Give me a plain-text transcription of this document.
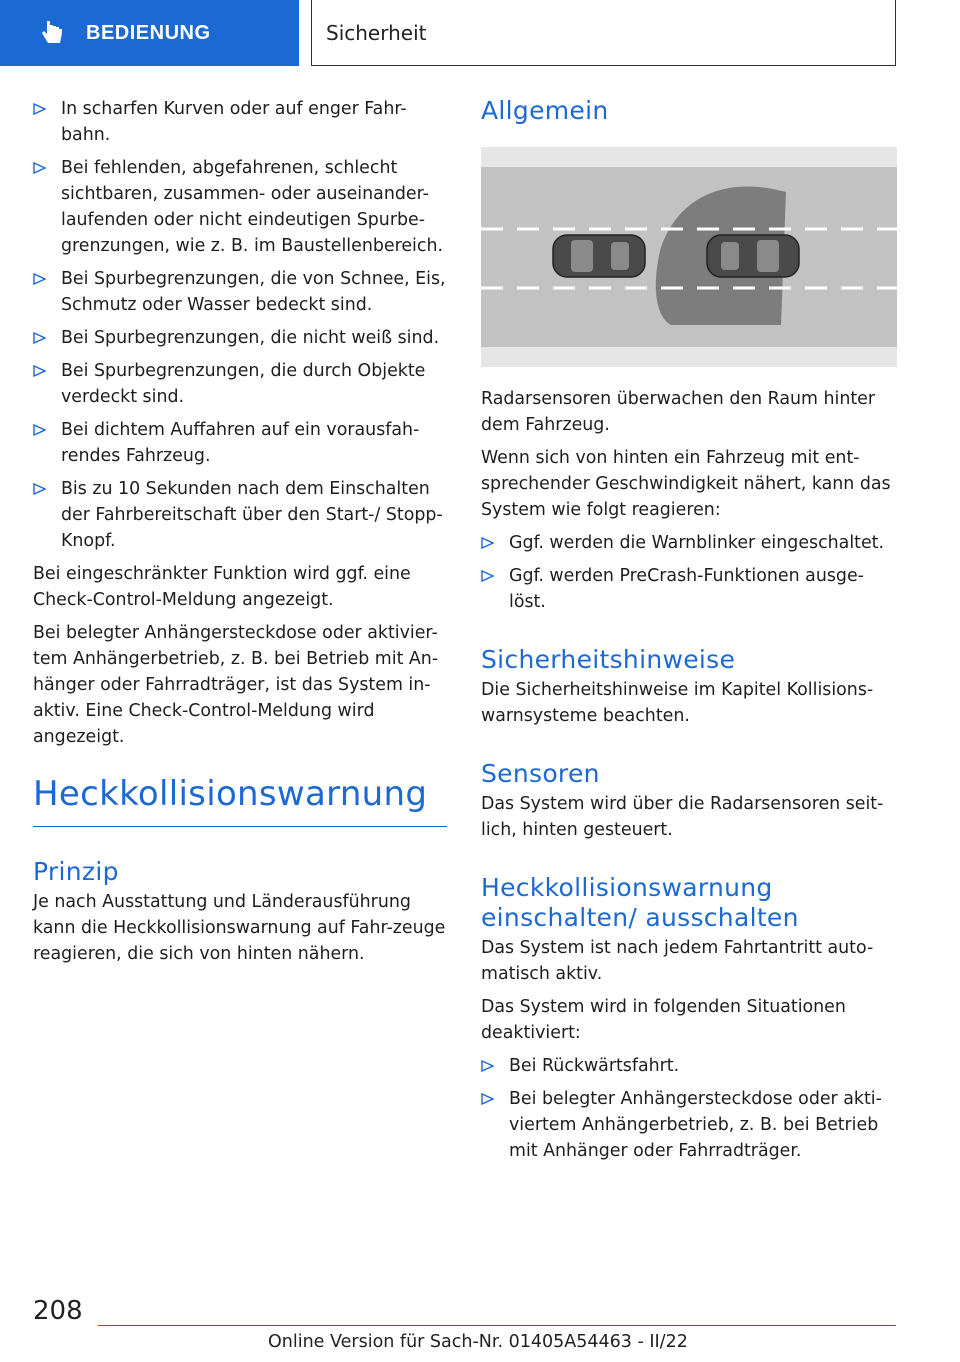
BEDIENUNG	Sicherheit
In scharfen Kurven oder auf enger Fahr-bahn.
Bei fehlenden, abgefahrenen, schlecht sichtbaren, zusammen- oder auseinander-laufenden oder nicht eindeutigen Spurbe-grenzungen, wie z. B. im Baustellenbereich.
Bei Spurbegrenzungen, die von Schnee, Eis, Schmutz oder Wasser bedeckt sind.
Bei Spurbegrenzungen, die nicht weiß sind.
Bei Spurbegrenzungen, die durch Objekte verdeckt sind.
Bei dichtem Auffahren auf ein vorausfah-rendes Fahrzeug.
Bis zu 10 Sekunden nach dem Einschalten der Fahrbereitschaft über den Start-/ Stopp-Knopf.

Bei eingeschränkter Funktion wird ggf. eine Check-Control-Meldung angezeigt.

Bei belegter Anhängersteckdose oder aktivier-tem Anhängerbetrieb, z. B. bei Betrieb mit An-hänger oder Fahrradträger, ist das System in-aktiv. Eine Check-Control-Meldung wird angezeigt.

Heckkollisionswarnung
Prinzip

Je nach Ausstattung und Länderausführung kann die Heckkollisionswarnung auf Fahr-zeuge reagieren, die sich von hinten nähern.

Allgemein

Radarsensoren überwachen den Raum hinter dem Fahrzeug.

Wenn sich von hinten ein Fahrzeug mit ent-sprechender Geschwindigkeit nähert, kann das System wie folgt reagieren:

Ggf. werden die Warnblinker eingeschaltet.
Ggf. werden PreCrash-Funktionen ausge-löst.
Sicherheitshinweise

Die Sicherheitshinweise im Kapitel Kollisions-warnsysteme beachten.

Sensoren

Das System wird über die Radarsensoren seit-lich, hinten gesteuert.

Heckkollisionswarnung einschalten/ ausschalten

Das System ist nach jedem Fahrtantritt auto-matisch aktiv.

Das System wird in folgenden Situationen deaktiviert:

Bei Rückwärtsfahrt.
Bei belegter Anhängersteckdose oder akti-viertem Anhängerbetrieb, z. B. bei Betrieb mit Anhänger oder Fahrradträger.
208
Online Version für Sach-Nr. 01405A54463 - II/22
